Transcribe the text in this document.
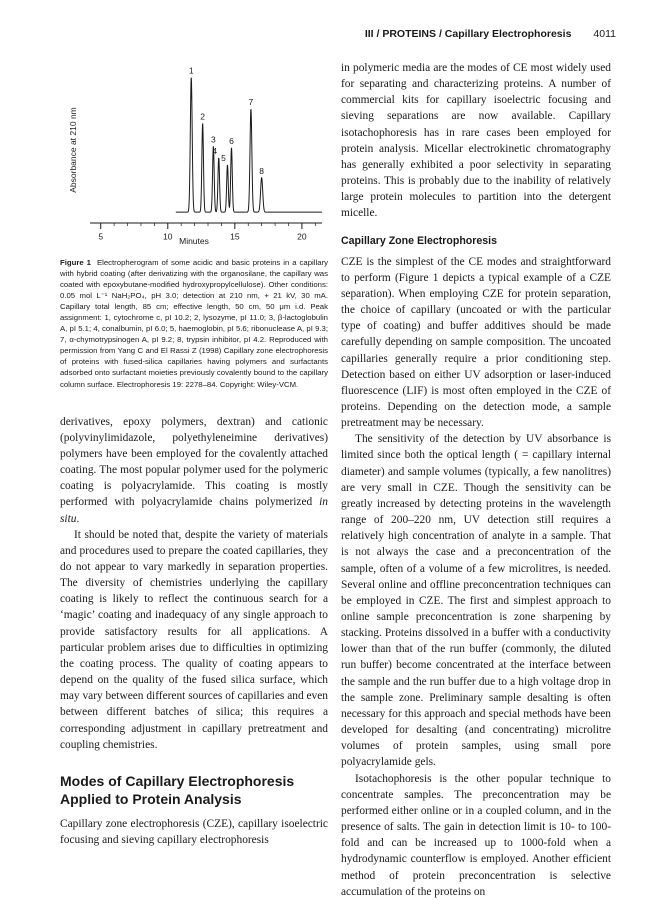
III / PROTEINS / Capillary Electrophoresis 4011
Absorbance at 210 nm
5	10	15	20
1
2
3
4
5
6
7
8
Minutes

Figure 1 Electropherogram of some acidic and basic proteins in a capillary with hybrid coating (after derivatizing with the organosilane, the capillary was coated with epoxybutane-modified hydroxypropylcellulose). Other conditions: 0.05 mol L⁻¹ NaH₂PO₄, pH 3.0; detection at 210 nm, + 21 kV, 30 mA. Capillary total length, 85 cm; effective length, 50 cm, 50 μm i.d. Peak assignment: 1, cytochrome c, pI 10.2; 2, lysozyme, pI 11.0; 3, β-lactoglobulin A, pI 5.1; 4, conalbumin, pI 6.0; 5, haemoglobin, pI 5.6; ribonuclease A, pI 9.3; 7, α-chymotrypsinogen A, pI 9.2; 8, trypsin inhibitor, pI 4.2. Reproduced with permission from Yang C and El Rassi Z (1998) Capillary zone electrophoresis of proteins with fused-silica capillaries having polymers and surfactants adsorbed onto surfactant moieties previously covalently bound to the capillary column surface. Electrophoresis 19: 2278–84. Copyright: Wiley-VCM.

derivatives, epoxy polymers, dextran) and cationic (polyvinylimidazole, polyethyleneimine derivatives) polymers have been employed for the covalently attached coating. The most popular polymer used for the polymeric coating is polyacrylamide. This coating is mostly performed with polyacrylamide chains polymerized in situ.

It should be noted that, despite the variety of materials and procedures used to prepare the coated capillaries, they do not appear to vary markedly in separation properties. The diversity of chemistries underlying the capillary coating is likely to reflect the continuous search for a ‘magic’ coating and inadequacy of any single approach to provide satisfactory results for all applications. A particular problem arises due to difficulties in optimizing the coating process. The quality of coating appears to depend on the quality of the fused silica surface, which may vary between different sources of capillaries and even between different batches of silica; this requires a corresponding adjustment in capillary pretreatment and coupling chemistries.

Modes of Capillary Electrophoresis Applied to Protein Analysis

Capillary zone electrophoresis (CZE), capillary isoelectric focusing and sieving capillary electrophoresis

in polymeric media are the modes of CE most widely used for separating and characterizing proteins. A number of commercial kits for capillary isoelectric focusing and sieving separations are now available. Capillary isotachophoresis has in rare cases been employed for protein analysis. Micellar electrokinetic chromatography has generally exhibited a poor selectivity in separating proteins. This is probably due to the inability of relatively large protein molecules to partition into the detergent micelle.

Capillary Zone Electrophoresis

CZE is the simplest of the CE modes and straightforward to perform (Figure 1 depicts a typical example of a CZE separation). When employing CZE for protein separation, the choice of capillary (uncoated or with the particular type of coating) and buffer additives should be made carefully depending on sample composition. The uncoated capillaries generally require a prior conditioning step. Detection based on either UV adsorption or laser-induced fluorescence (LIF) is most often employed in the CZE of proteins. Depending on the detection mode, a sample pretreatment may be necessary.

The sensitivity of the detection by UV absorbance is limited since both the optical length ( = capillary internal diameter) and sample volumes (typically, a few nanolitres) are very small in CZE. Though the sensitivity can be greatly increased by detecting proteins in the wavelength range of 200–220 nm, UV detection still requires a relatively high concentration of analyte in a sample. That is not always the case and a preconcentration of the sample, often of a volume of a few microlitres, is needed. Several online and offline preconcentration techniques can be employed in CZE. The first and simplest approach to online sample preconcentration is zone sharpening by stacking. Proteins dissolved in a buffer with a conductivity lower than that of the run buffer (commonly, the diluted run buffer) become concentrated at the interface between the sample and the run buffer due to a high voltage drop in the sample zone. Preliminary sample desalting is often necessary for this approach and special methods have been developed for desalting (and concentrating) microlitre volumes of protein samples, using small pore polyacrylamide gels.

Isotachophoresis is the other popular technique to concentrate samples. The preconcentration may be performed either online or in a coupled column, and in the presence of salts. The gain in detection limit is 10- to 100-fold and can be increased up to 1000-fold when a hydrodynamic counterflow is employed. Another efficient method of protein preconcentration is selective accumulation of the proteins on
